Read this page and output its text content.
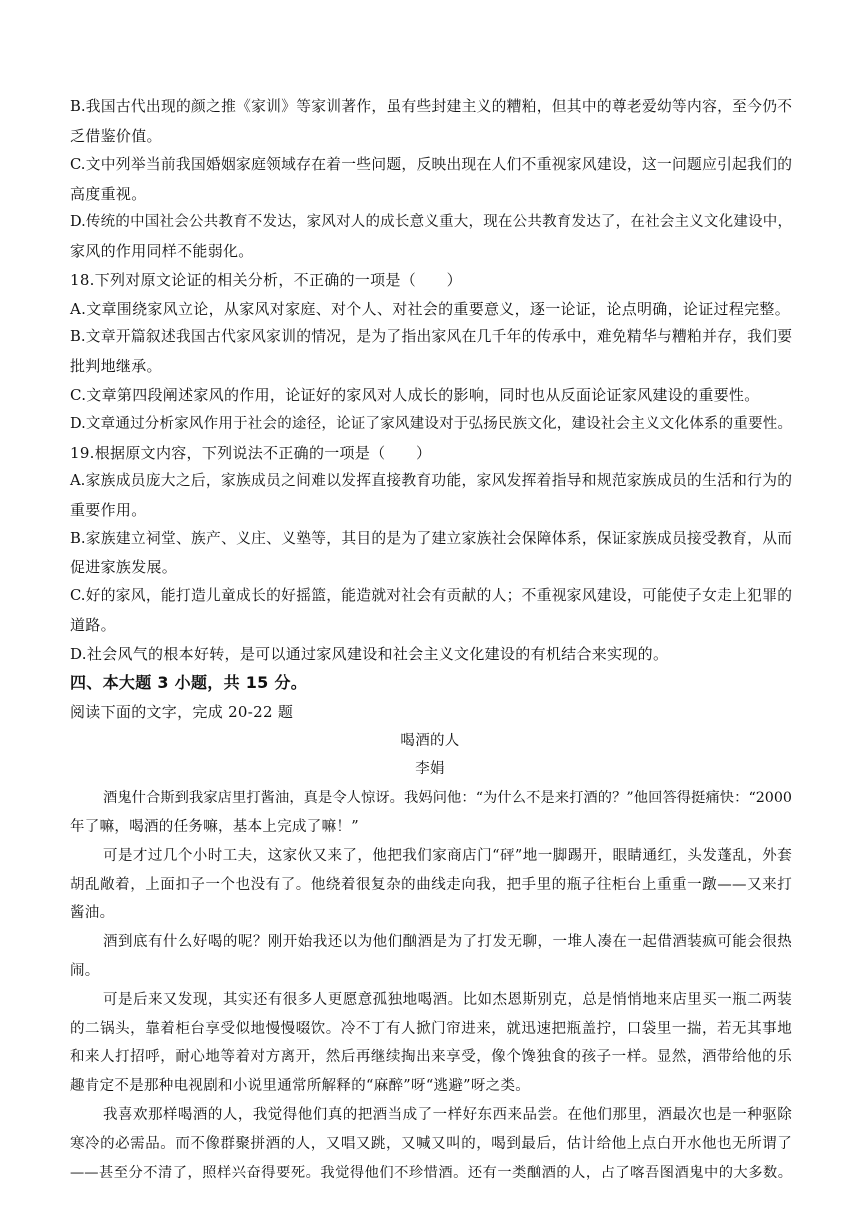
B.我国古代出现的颜之推《家训》等家训著作，虽有些封建主义的糟粕，但其中的尊老爱幼等内容，至今仍不
乏借鉴价值。
C.文中列举当前我国婚姻家庭领域存在着一些问题，反映出现在人们不重视家风建设，这一问题应引起我们的
高度重视。
D.传统的中国社会公共教育不发达，家风对人的成长意义重大，现在公共教育发达了，在社会主义文化建设中，
家风的作用同样不能弱化。
18.下列对原文论证的相关分析，不正确的一项是（　　）
A.文章围绕家风立论，从家风对家庭、对个人、对社会的重要意义，逐一论证，论点明确，论证过程完整。
B.文章开篇叙述我国古代家风家训的情况，是为了指出家风在几千年的传承中，难免精华与糟粕并存，我们要
批判地继承。
C.文章第四段阐述家风的作用，论证好的家风对人成长的影响，同时也从反面论证家风建设的重要性。
D.文章通过分析家风作用于社会的途径，论证了家风建设对于弘扬民族文化，建设社会主义文化体系的重要性。
19.根据原文内容，下列说法不正确的一项是（　　）
A.家族成员庞大之后，家族成员之间难以发挥直接教育功能，家风发挥着指导和规范家族成员的生活和行为的
重要作用。
B.家族建立祠堂、族产、义庄、义塾等，其目的是为了建立家族社会保障体系，保证家族成员接受教育，从而
促进家族发展。
C.好的家风，能打造儿童成长的好摇篮，能造就对社会有贡献的人；不重视家风建设，可能使子女走上犯罪的
道路。
D.社会风气的根本好转，是可以通过家风建设和社会主义文化建设的有机结合来实现的。
四、本大题 3 小题，共 15 分。
阅读下面的文字，完成 20-22 题
喝酒的人
李娟
酒鬼什合斯到我家店里打酱油，真是令人惊讶。我妈问他：“为什么不是来打酒的？”他回答得挺痛快：“2000
年了嘛，喝酒的任务嘛，基本上完成了嘛！”
可是才过几个小时工夫，这家伙又来了，他把我们家商店门“砰”地一脚踢开，眼睛通红，头发蓬乱，外套
胡乱敞着，上面扣子一个也没有了。他绕着很复杂的曲线走向我，把手里的瓶子往柜台上重重一蹾——又来打
酱油。
酒到底有什么好喝的呢？刚开始我还以为他们酗酒是为了打发无聊，一堆人凑在一起借酒装疯可能会很热
闹。
可是后来又发现，其实还有很多人更愿意孤独地喝酒。比如杰恩斯别克，总是悄悄地来店里买一瓶二两装
的二锅头，靠着柜台享受似地慢慢啜饮。冷不丁有人掀门帘进来，就迅速把瓶盖拧，口袋里一揣，若无其事地
和来人打招呼，耐心地等着对方离开，然后再继续掏出来享受，像个馋独食的孩子一样。显然，酒带给他的乐
趣肯定不是那种电视剧和小说里通常所解释的“麻醉”呀“逃避”呀之类。
我喜欢那样喝酒的人，我觉得他们真的把酒当成了一样好东西来品尝。在他们那里，酒最次也是一种驱除
寒冷的必需品。而不像群聚拼酒的人，又唱又跳，又喊又叫的，喝到最后，估计给他上点白开水他也无所谓了
——甚至分不清了，照样兴奋得要死。我觉得他们不珍惜酒。还有一类酗酒的人，占了喀吾图酒鬼中的大多数。
